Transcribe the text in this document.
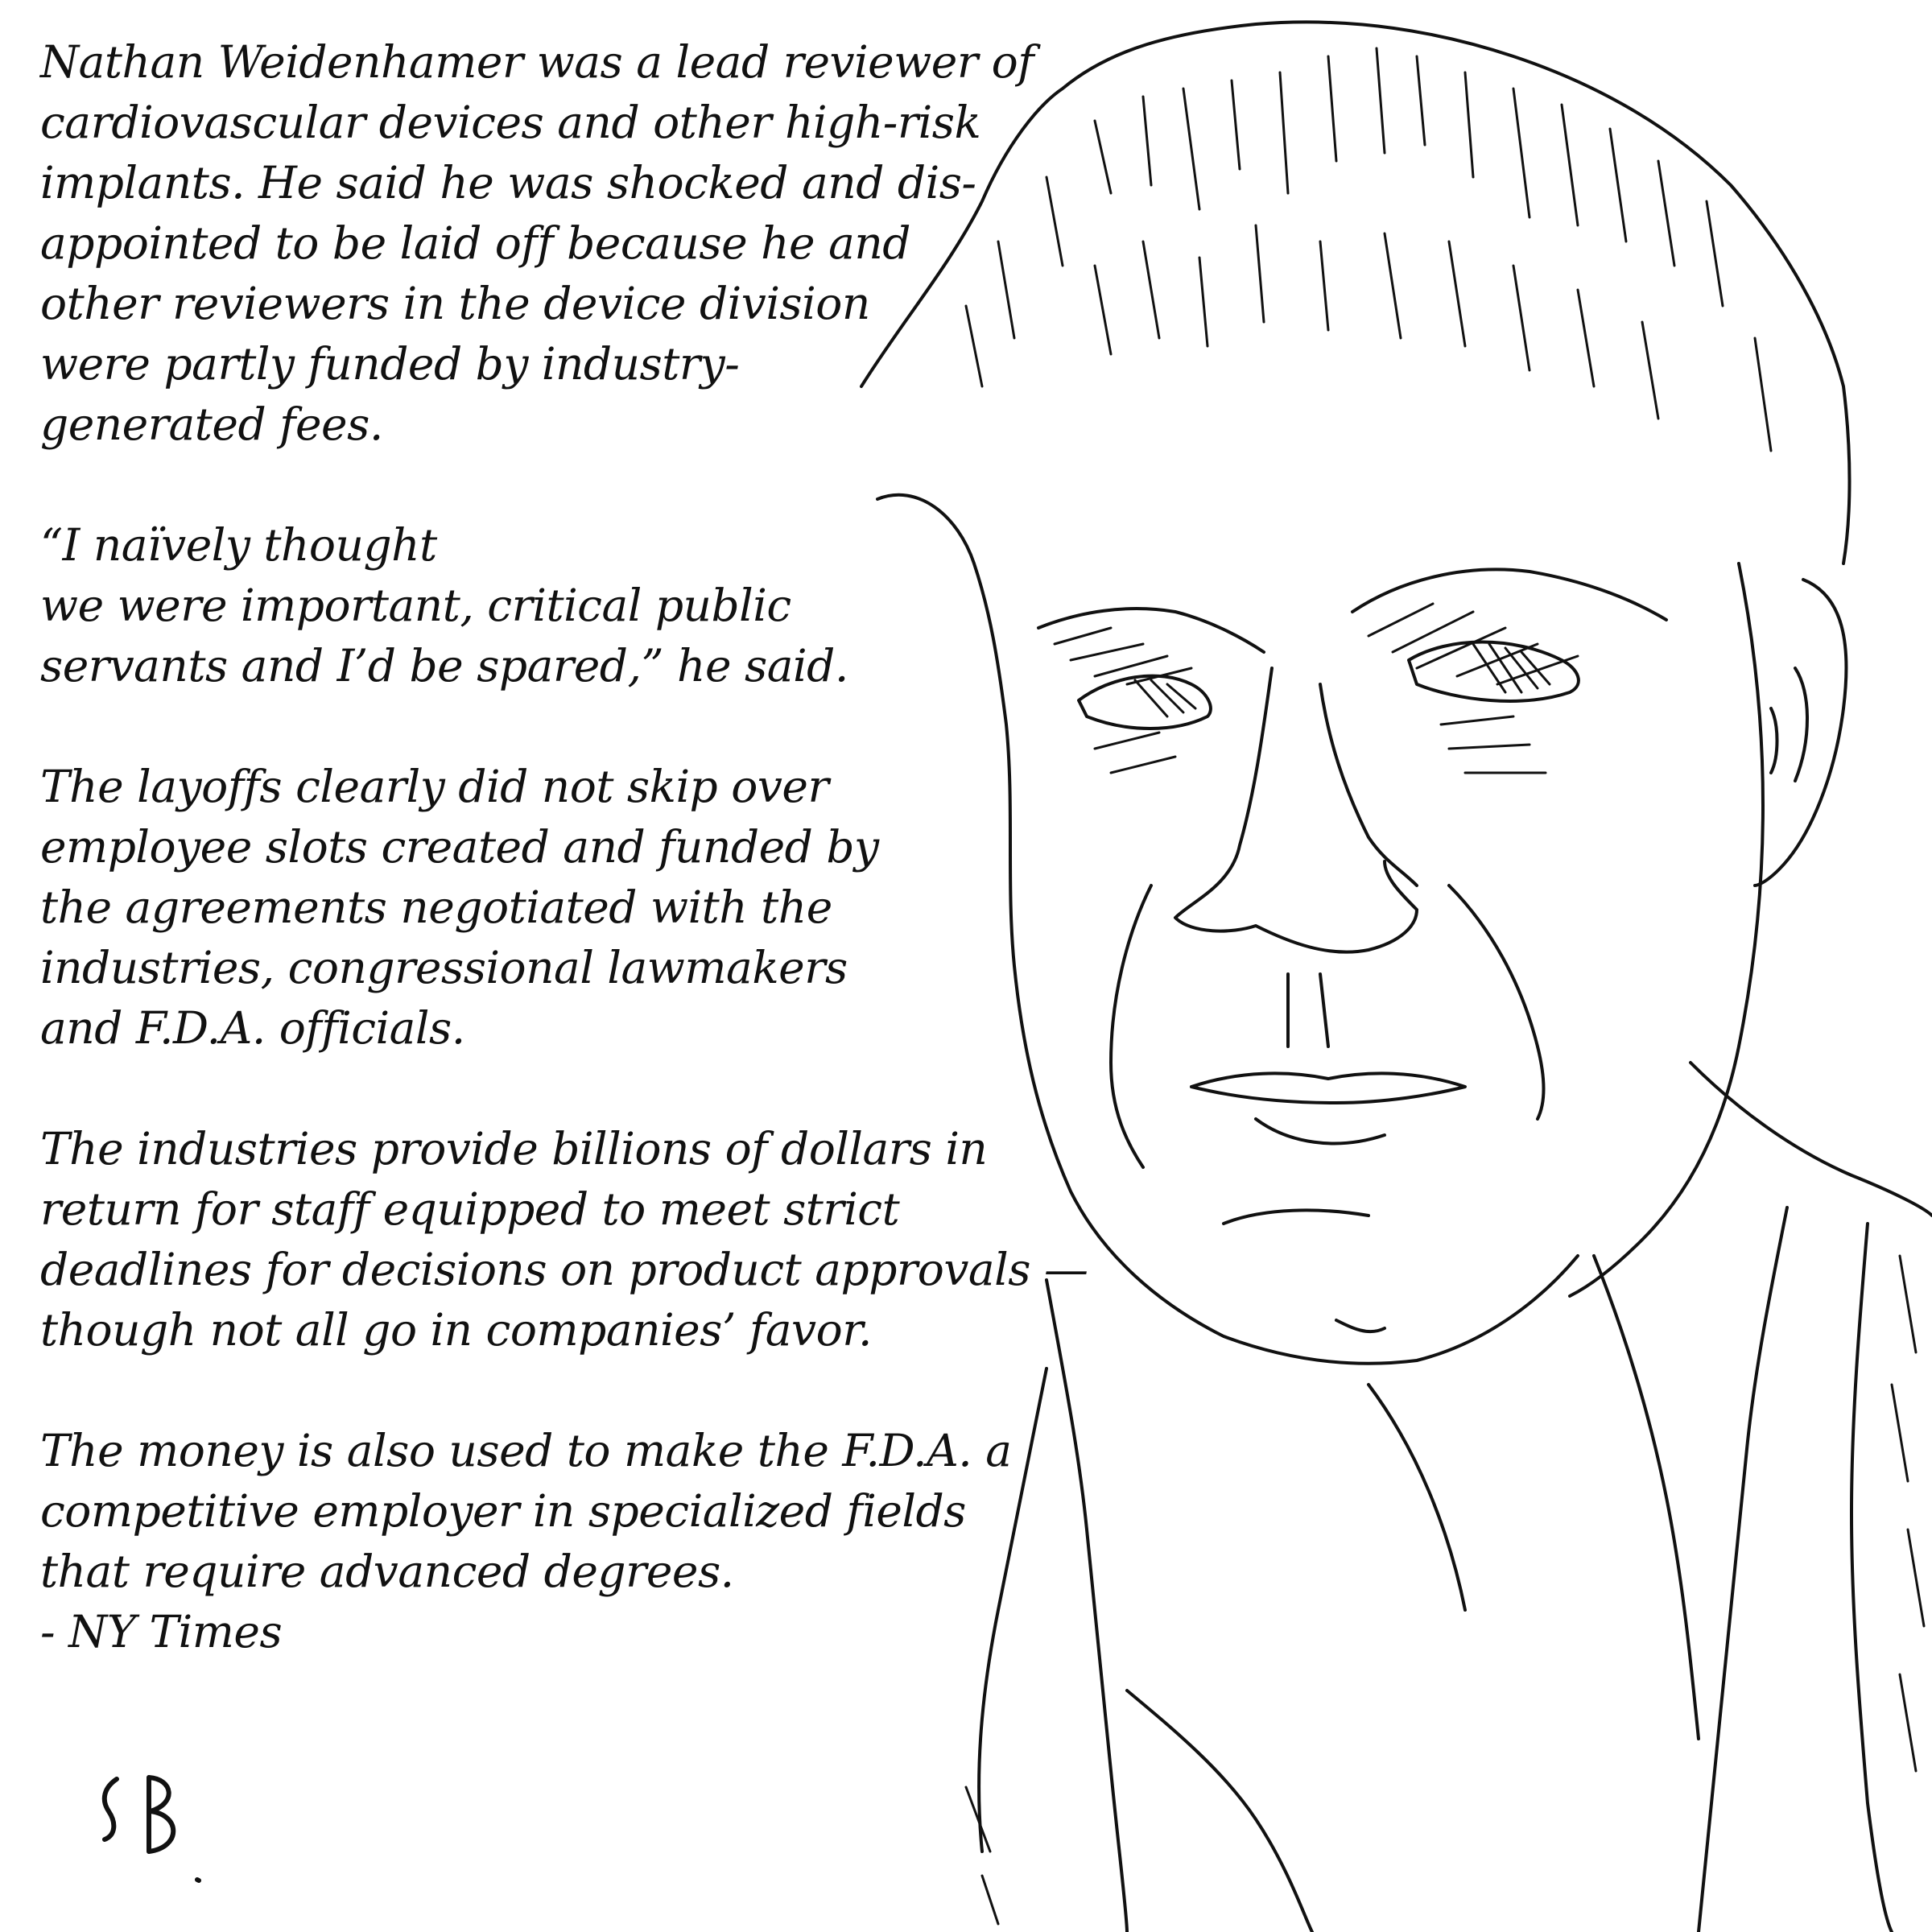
Nathan Weidenhamer was a lead reviewer of
cardiovascular devices and other high-risk
implants. He said he was shocked and dis-
appointed to be laid off because he and
other reviewers in the device division
were partly funded by industry-
generated fees.

“I naïvely thought
we were important, critical public
servants and I’d be spared,” he said.

The layoffs clearly did not skip over
employee slots created and funded by
the agreements negotiated with the
industries, congressional lawmakers
and F.D.A. officials.

The industries provide billions of dollars in
return for staff equipped to meet strict
deadlines for decisions on product approvals —
though not all go in companies’ favor.

The money is also used to make the F.D.A. a
competitive employer in specialized fields
that require advanced degrees.
- NY Times
